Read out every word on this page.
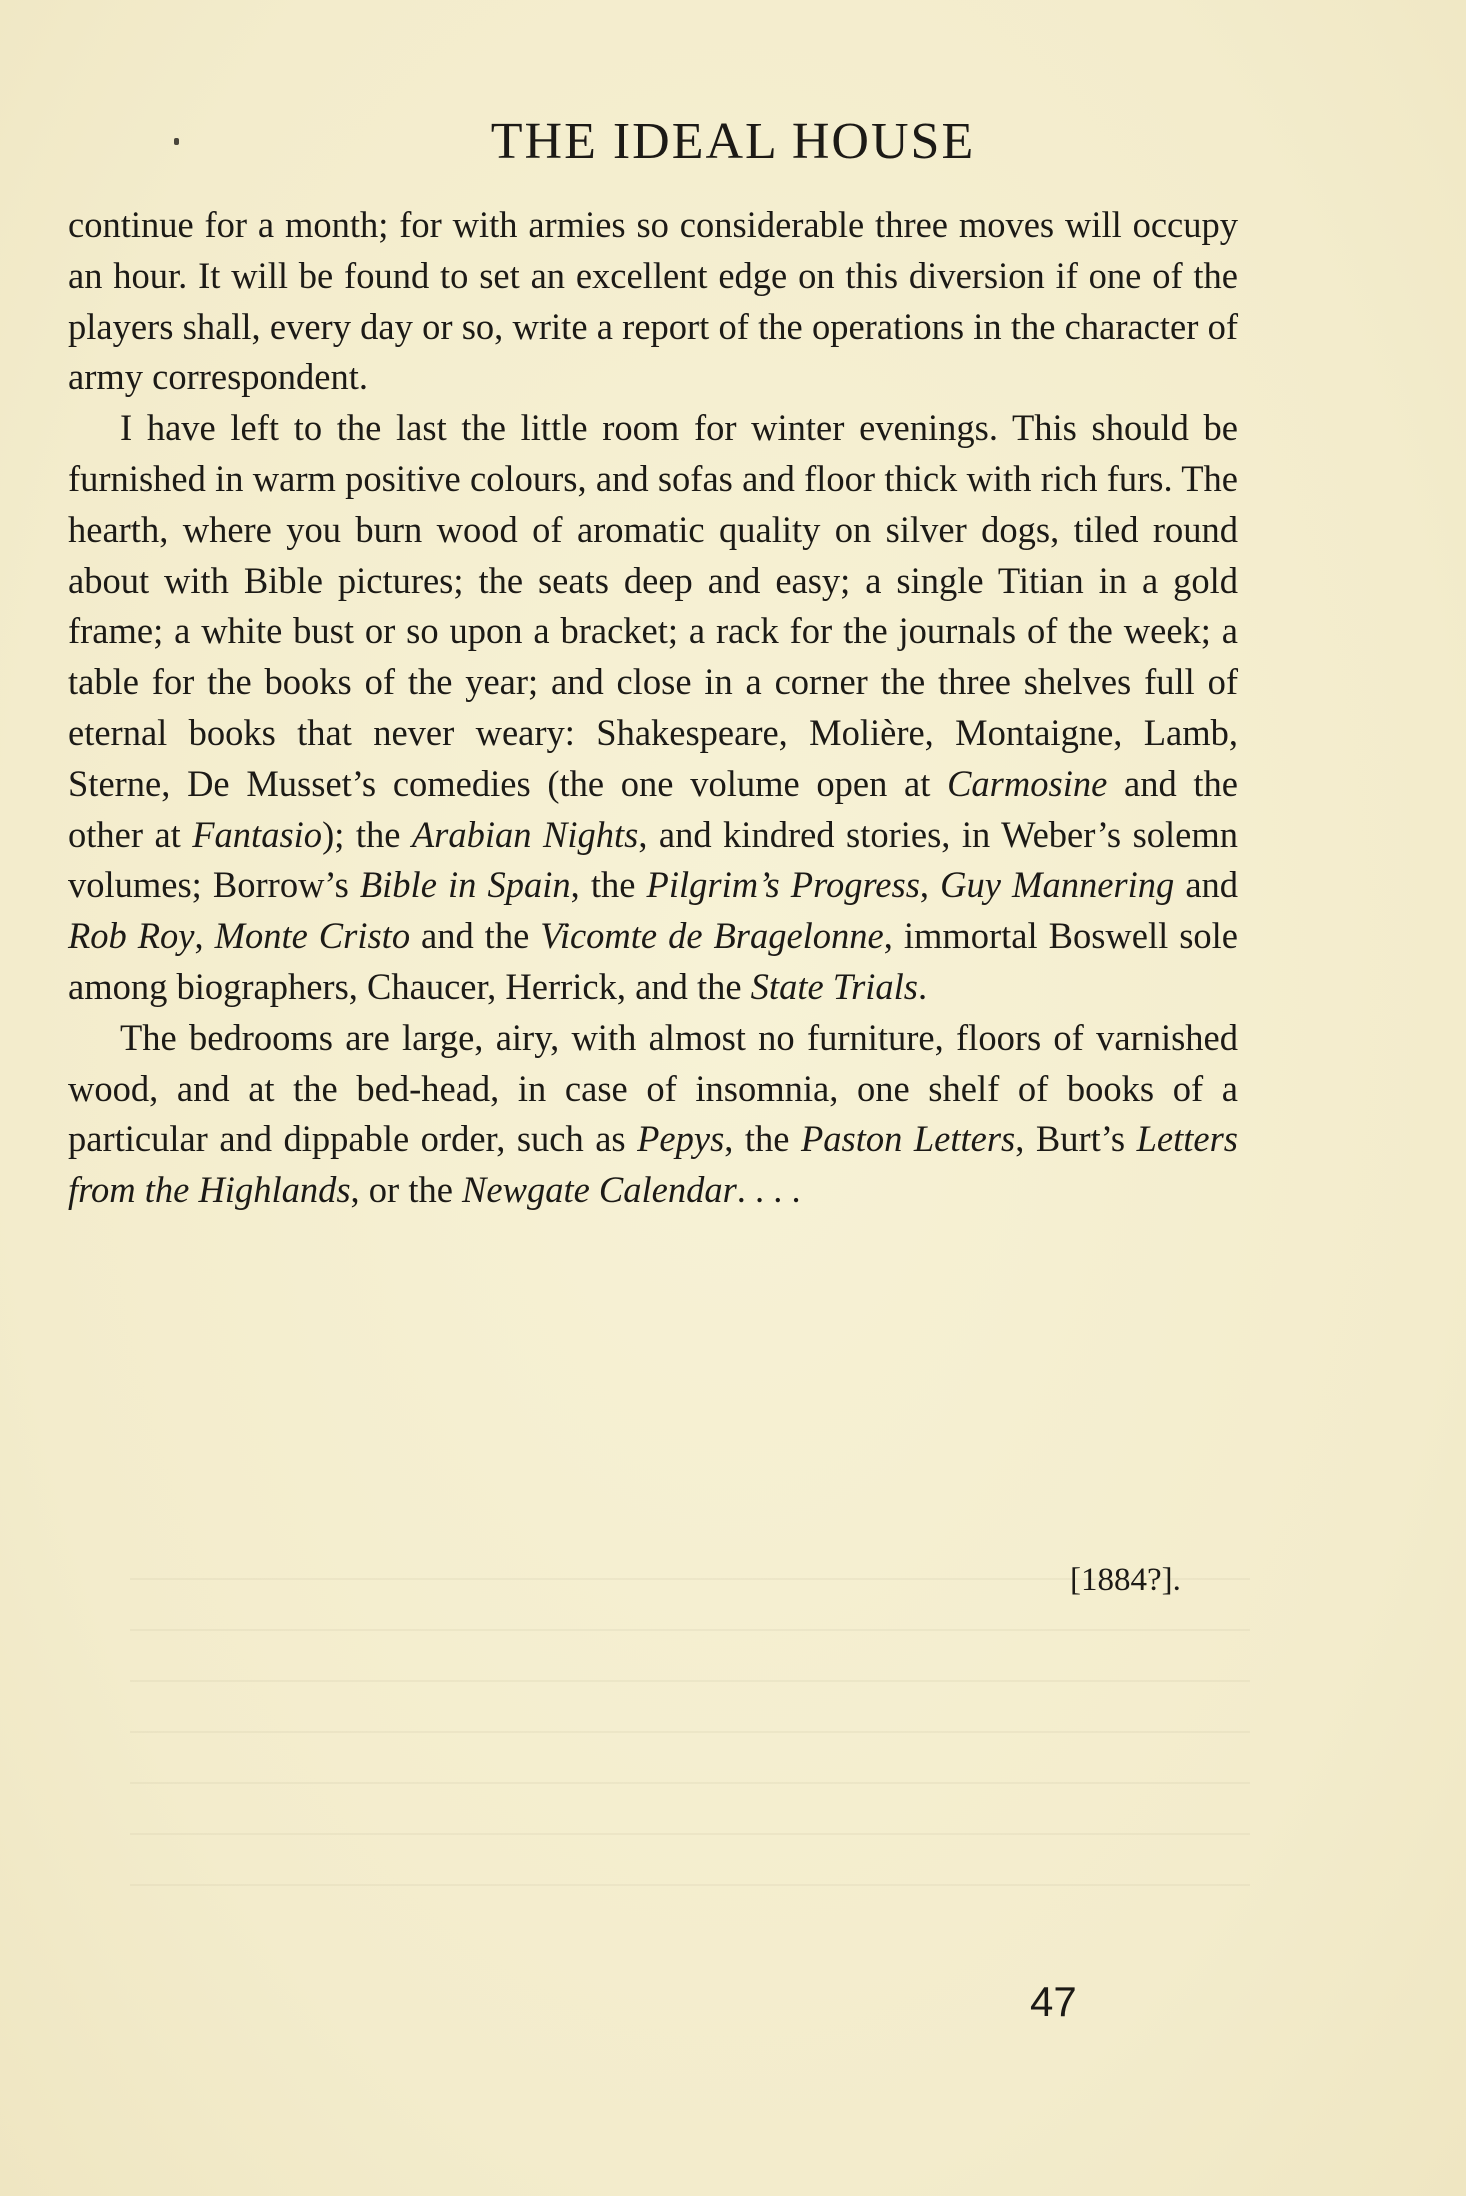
THE IDEAL HOUSE

continue for a month; for with armies so considerable three moves will occupy an hour. It will be found to set an excellent edge on this diversion if one of the players shall, every day or so, write a report of the operations in the character of army correspondent.

I have left to the last the little room for winter evenings. This should be furnished in warm positive colours, and sofas and floor thick with rich furs. The hearth, where you burn wood of aromatic quality on silver dogs, tiled round about with Bible pictures; the seats deep and easy; a single Titian in a gold frame; a white bust or so upon a bracket; a rack for the journals of the week; a table for the books of the year; and close in a corner the three shelves full of eternal books that never weary: Shakespeare, Molière, Montaigne, Lamb, Sterne, De Musset’s comedies (the one volume open at Carmosine and the other at Fantasio); the Arabian Nights, and kindred stories, in Weber’s solemn volumes; Borrow’s Bible in Spain, the Pilgrim’s Progress, Guy Mannering and Rob Roy, Monte Cristo and the Vicomte de Bragelonne, immortal Boswell sole among biographers, Chaucer, Herrick, and the State Trials.

The bedrooms are large, airy, with almost no furniture, floors of varnished wood, and at the bed-head, in case of insomnia, one shelf of books of a particular and dippable order, such as Pepys, the Paston Letters, Burt’s Letters from the Highlands, or the Newgate Calendar. . . .

[1884?].
47
